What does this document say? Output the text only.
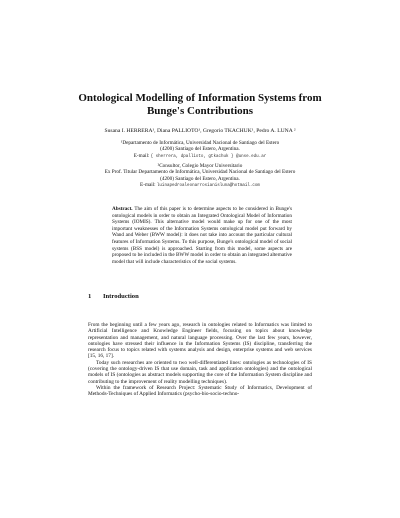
Ontological Modelling of Information Systems from Bunge's Contributions
Susana I. HERRERA¹, Diana PALLIOTO¹, Gregorio TKACHUK¹, Pedro A. LUNA ²
¹Departamento de Informática, Universidad Nacional de Santiago del Estero
(4200) Santiago del Estero, Argentina.
E-mail: { sherrera, dpallioto, gtkachuk } @unse.edu.ar
²Consultor, Colegio Mayor Universitario
Ex Prof. Titular Departamento de Informática, Universidad Nacional de Santiago del Estero
(4200) Santiago del Estero, Argentina.
E-mail: luinapedroaleonarrosianisluna@hotmail.com
Abstract. The aim of this paper is to determine aspects to be considered in Bunge's ontological models in order to obtain an Integrated Ontological Model of Information Systems (IOMIS). This alternative model would make up for one of the most important weaknesses of the Information Systems ontological model put forward by Wand and Weber (BWW model): it does not take into account the particular cultural features of Information Systems. To this purpose, Bunge's ontological model of social systems (BSS model) is approached. Starting from this model, some aspects are proposed to be included in the BWW model in order to obtain an integrated alternative model that will include characteristics of the social systems.
1 Introduction

From the beginning until a few years ago, research in ontologies related to Informatics was limited to Artificial Intelligence and Knowledge Engineer fields, focusing on topics about knowledge representation and management, and natural language processing. Over the last few years, however, ontologies have stressed their influence in the Information Systems (IS) discipline, transferring the research focus to topics related with systems analysis and design, enterprise systems and web services [15, 16, 17].

Today such researches are oriented to two well-differentiated lines: ontologies as technologies of IS (covering the ontology-driven IS that use domain, task and application ontologies) and the ontological models of IS (ontologies as abstract models supporting the core of the Information System discipline and contributing to the improvement of reality modelling techniques).

Within the framework of Research Project: Systematic Study of Informatics, Development of Methods-Techniques of Applied Informatics (psycho-bio-socio-techno-
